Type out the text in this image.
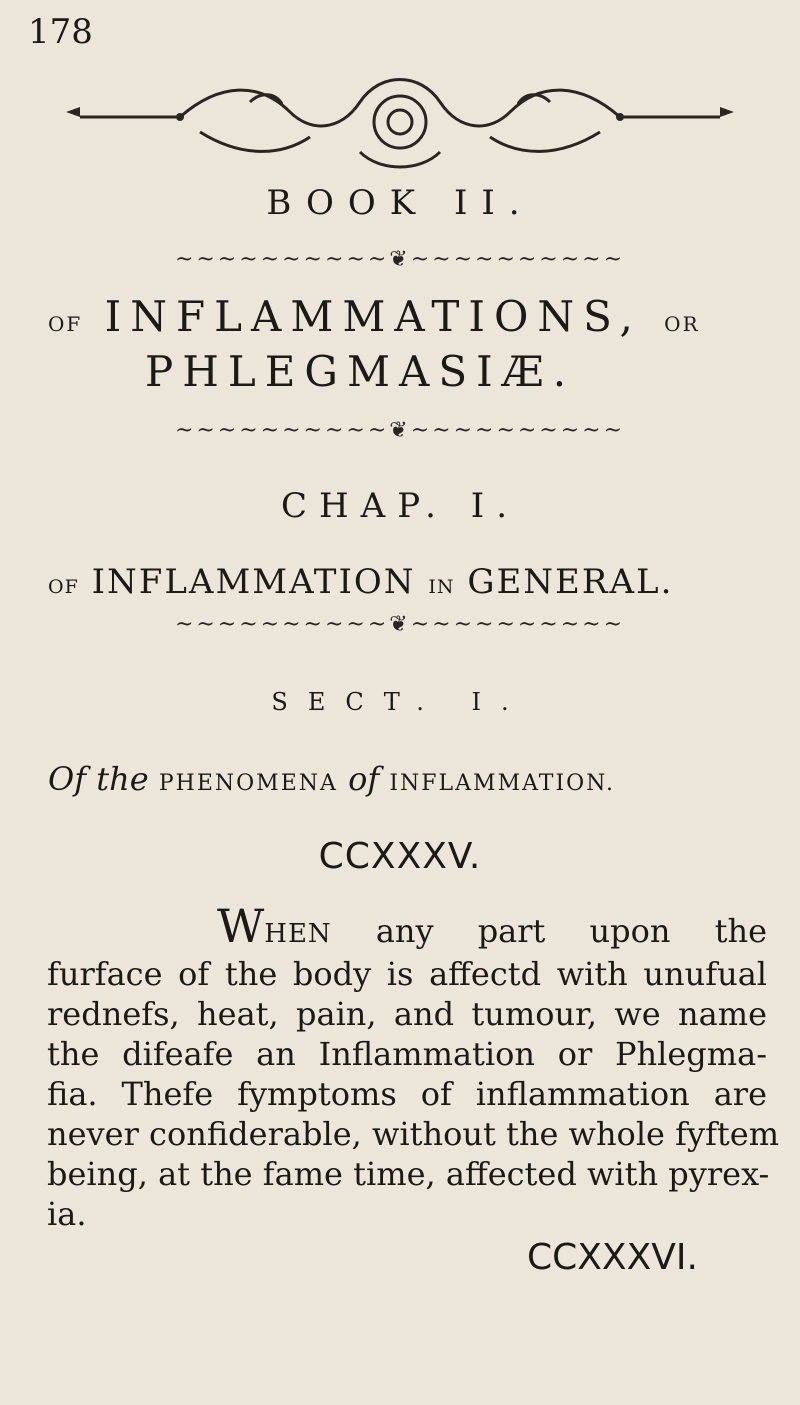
178
BOOK II.
~~~~~~~~~~❦~~~~~~~~~~
OF INFLAMMATIONS, OR
PHLEGMASIÆ.
~~~~~~~~~~❦~~~~~~~~~~
CHAP. I.
OF INFLAMMATION IN GENERAL.
~~~~~~~~~~❦~~~~~~~~~~
SECT. I.
Of the PHENOMENA of INFLAMMATION.
CCXXXV.

WHEN any part upon the

furface of the body is affectd with unufual

rednefs, heat, pain, and tumour, we name

the difeafe an Inflammation or Phlegma-

fia. Thefe fymptoms of inflammation are

never confiderable, without the whole fyftem

being, at the fame time, affected with pyrex-

ia.

CCXXXVI.
